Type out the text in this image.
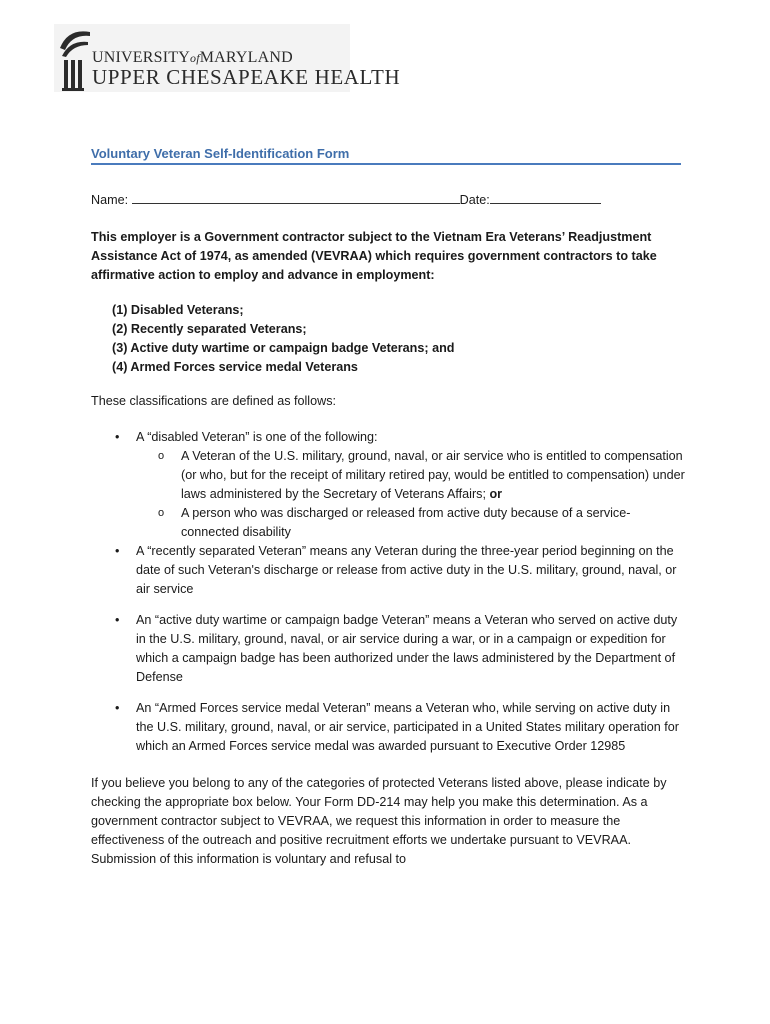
UNIVERSITYofMARYLAND
UPPER CHESAPEAKE HEALTH
Voluntary Veteran Self-Identification Form

Name:	Date:

This employer is a Government contractor subject to the Vietnam Era Veterans’ Readjustment Assistance Act of 1974, as amended (VEVRAA) which requires government contractors to take affirmative action to employ and advance in employment:

(1) Disabled Veterans;
(2) Recently separated Veterans;
(3) Active duty wartime or campaign badge Veterans; and
(4) Armed Forces service medal Veterans

These classifications are defined as follows:

• A “disabled Veteran” is one of the following:
o A Veteran of the U.S. military, ground, naval, or air service who is entitled to compensation (or who, but for the receipt of military retired pay, would be entitled to compensation) under laws administered by the Secretary of Veterans Affairs; or
o A person who was discharged or released from active duty because of a service-connected disability
• A “recently separated Veteran” means any Veteran during the three-year period beginning on the date of such Veteran's discharge or release from active duty in the U.S. military, ground, naval, or air service
• An “active duty wartime or campaign badge Veteran” means a Veteran who served on active duty in the U.S. military, ground, naval, or air service during a war, or in a campaign or expedition for which a campaign badge has been authorized under the laws administered by the Department of Defense
• An “Armed Forces service medal Veteran” means a Veteran who, while serving on active duty in the U.S. military, ground, naval, or air service, participated in a United States military operation for which an Armed Forces service medal was awarded pursuant to Executive Order 12985

If you believe you belong to any of the categories of protected Veterans listed above, please indicate by checking the appropriate box below. Your Form DD-214 may help you make this determination. As a government contractor subject to VEVRAA, we request this information in order to measure the effectiveness of the outreach and positive recruitment efforts we undertake pursuant to VEVRAA. Submission of this information is voluntary and refusal to
